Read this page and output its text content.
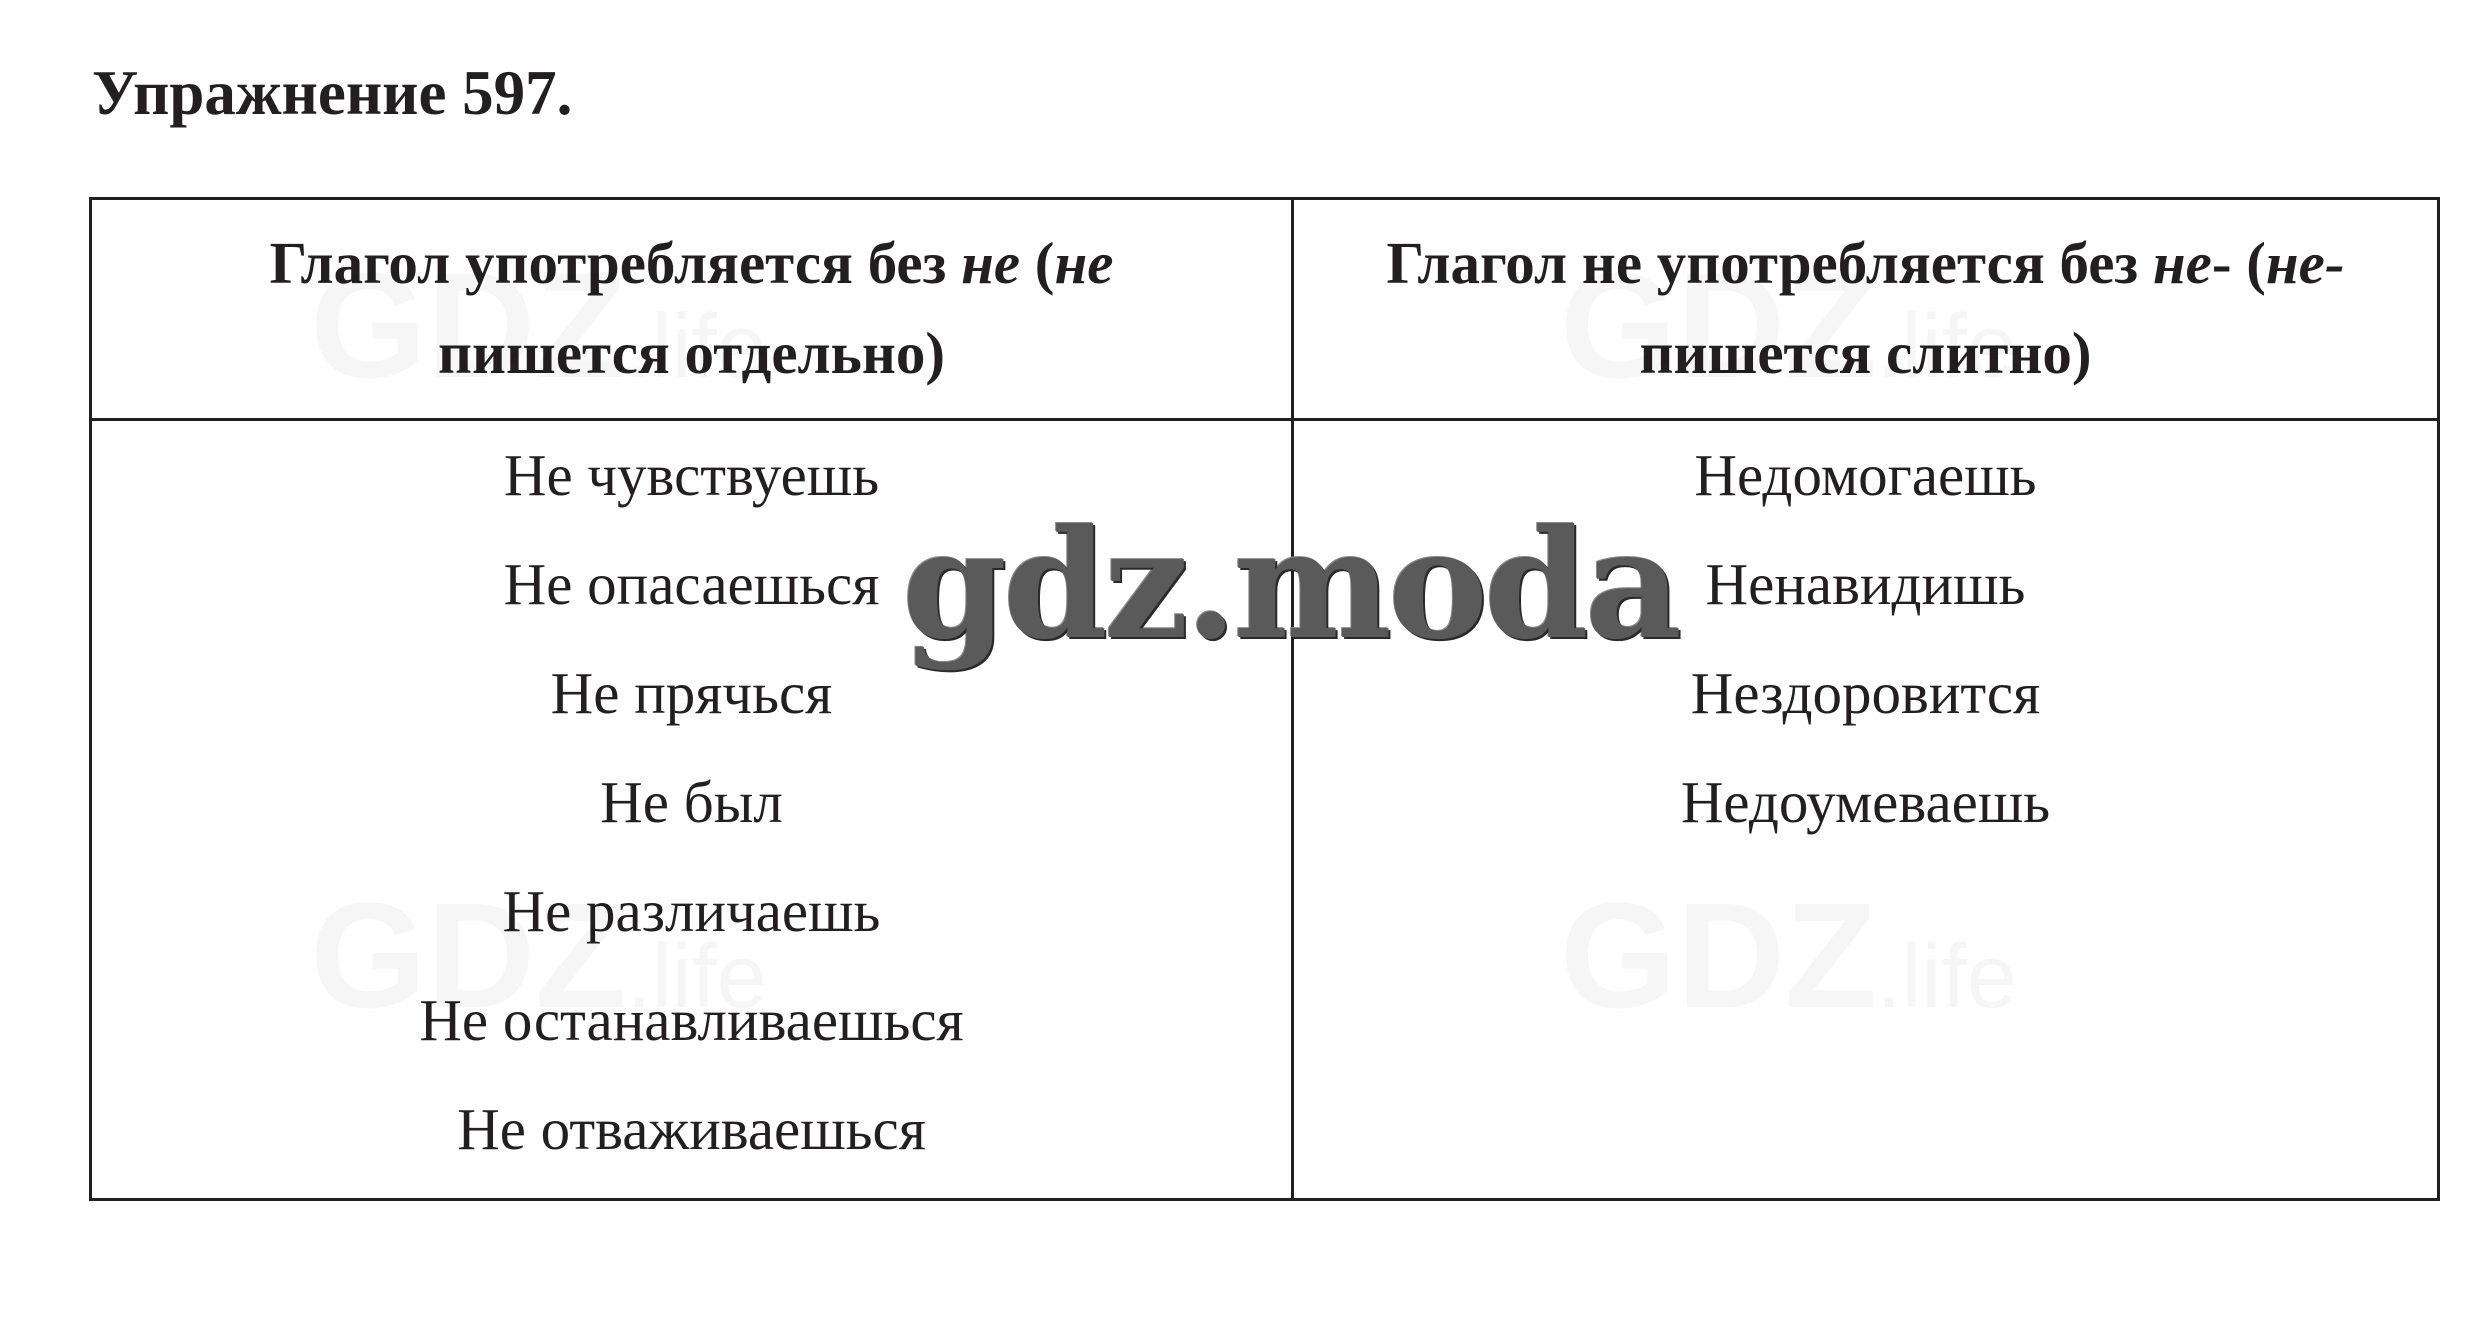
Упражнение 597.
Глагол употребляется без не (не
пишется отдельно)
Глагол не употребляется без не- (не-
пишется слитно)
Не чувствуешь
Не опасаешься
Не прячься
Не был
Не различаешь
Не останавливаешься
Не отваживаешься
Недомогаешь
Ненавидишь
Нездоровится
Недоумеваешь
gdz.moda
